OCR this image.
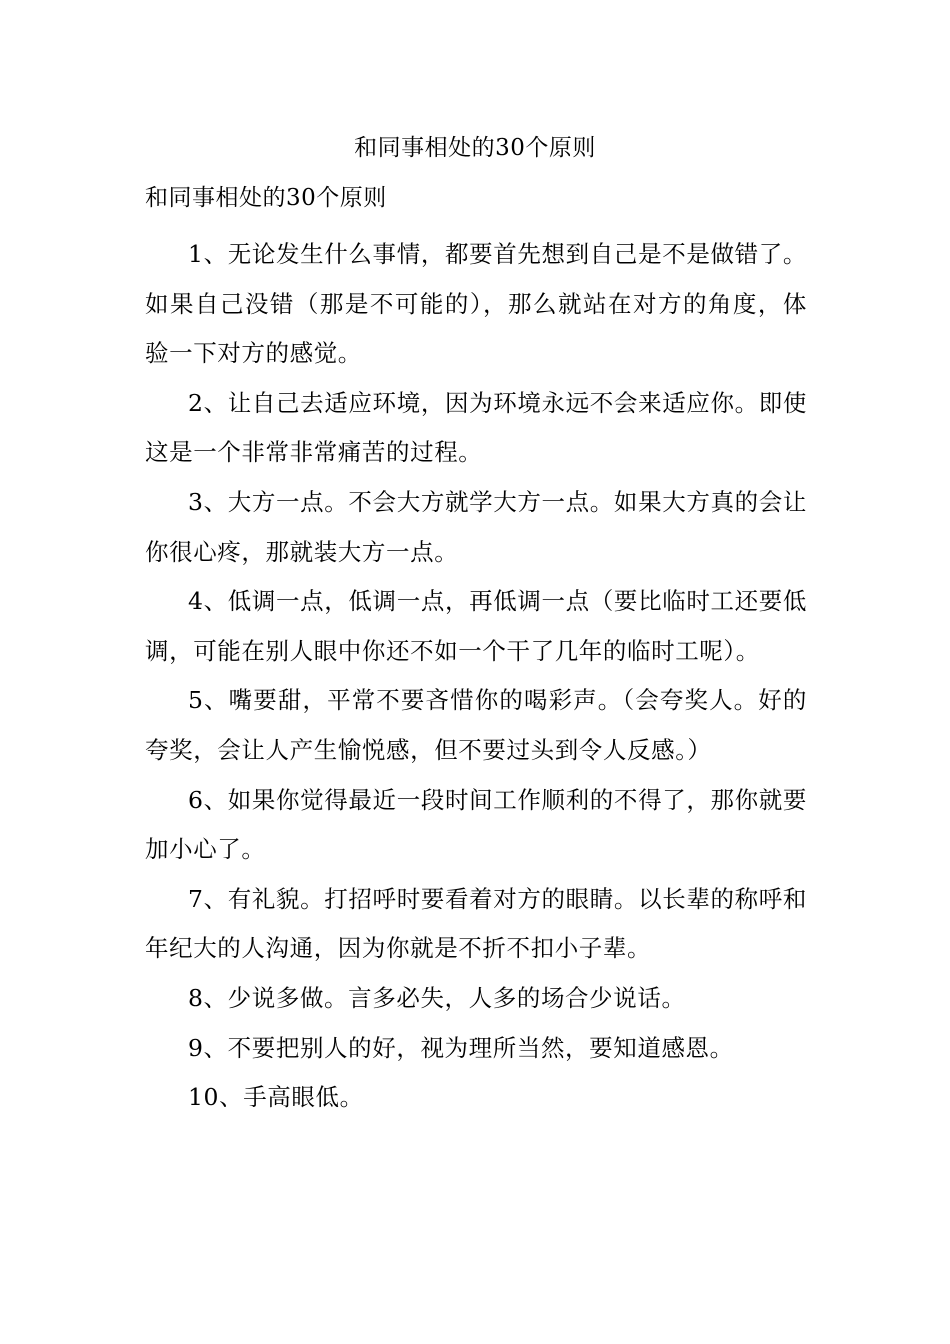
和同事相处的30个原则
和同事相处的30个原则

1、无论发生什么事情，都要首先想到自己是不是做错了。如果自己没错（那是不可能的），那么就站在对方的角度，体验一下对方的感觉。

2、让自己去适应环境，因为环境永远不会来适应你。即使这是一个非常非常痛苦的过程。

3、大方一点。不会大方就学大方一点。如果大方真的会让你很心疼，那就装大方一点。

4、低调一点，低调一点，再低调一点（要比临时工还要低调，可能在别人眼中你还不如一个干了几年的临时工呢）。

5、嘴要甜，平常不要吝惜你的喝彩声。（会夸奖人。好的夸奖，会让人产生愉悦感，但不要过头到令人反感。）

6、如果你觉得最近一段时间工作顺利的不得了，那你就要加小心了。

7、有礼貌。打招呼时要看着对方的眼睛。以长辈的称呼和年纪大的人沟通，因为你就是不折不扣小子辈。

8、少说多做。言多必失，人多的场合少说话。

9、不要把别人的好，视为理所当然，要知道感恩。

10、手高眼低。
